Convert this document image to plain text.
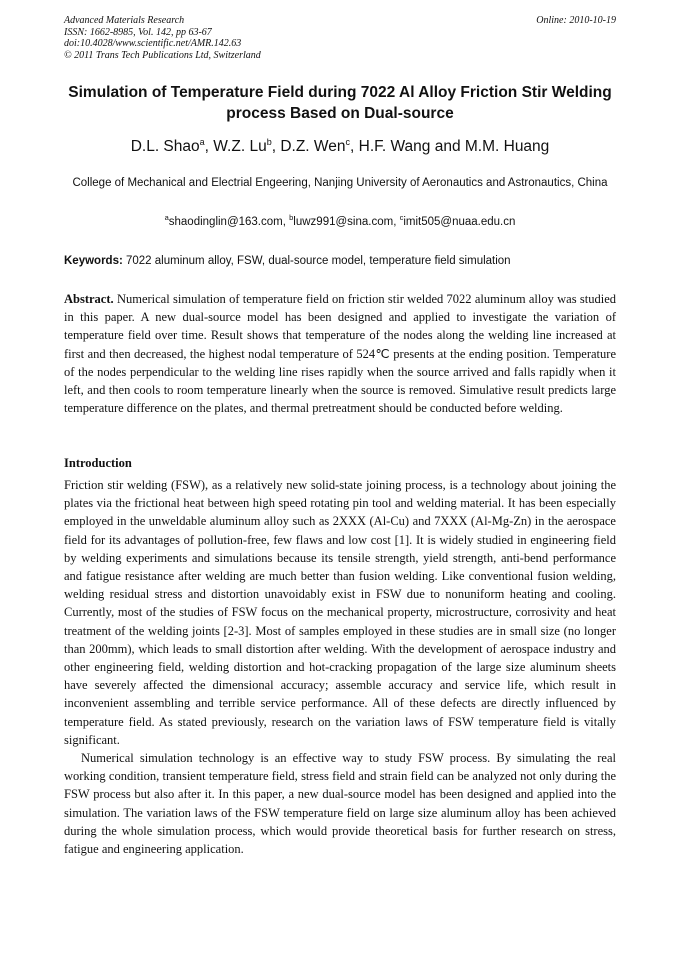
Advanced Materials Research
ISSN: 1662-8985, Vol. 142, pp 63-67
doi:10.4028/www.scientific.net/AMR.142.63
© 2011 Trans Tech Publications Ltd, Switzerland
Online: 2010-10-19
Simulation of Temperature Field during 7022 Al Alloy Friction Stir Welding process Based on Dual-source
D.L. Shao$^a$, W.Z. Lu$^b$, D.Z. Wen$^c$, H.F. Wang and M.M. Huang
College of Mechanical and Electrial Engeering, Nanjing University of Aeronautics and Astronautics, China
$^a$shaodinglin@163.com, $^b$luwz991@sina.com, $^c$imit505@nuaa.edu.cn
Keywords: 7022 aluminum alloy, FSW, dual-source model, temperature field simulation

Abstract. Numerical simulation of temperature field on friction stir welded 7022 aluminum alloy was studied in this paper. A new dual-source model has been designed and applied to investigate the variation of temperature field over time. Result shows that temperature of the nodes along the welding line increased at first and then decreased, the highest nodal temperature of 524℃ presents at the ending position. Temperature of the nodes perpendicular to the welding line rises rapidly when the source arrived and falls rapidly when it left, and then cools to room temperature linearly when the source is removed. Simulative result predicts large temperature difference on the plates, and thermal pretreatment should be conducted before welding.

Introduction

Friction stir welding (FSW), as a relatively new solid-state joining process, is a technology about joining the plates via the frictional heat between high speed rotating pin tool and welding material. It has been especially employed in the unweldable aluminum alloy such as 2XXX (Al-Cu) and 7XXX (Al-Mg-Zn) in the aerospace field for its advantages of pollution-free, few flaws and low cost [1]. It is widely studied in engineering field by welding experiments and simulations because its tensile strength, yield strength, anti-bend performance and fatigue resistance after welding are much better than fusion welding. Like conventional fusion welding, welding residual stress and distortion unavoidably exist in FSW due to nonuniform heating and cooling. Currently, most of the studies of FSW focus on the mechanical property, microstructure, corrosivity and heat treatment of the welding joints [2-3]. Most of samples employed in these studies are in small size (no longer than 200mm), which leads to small distortion after welding. With the development of aerospace industry and other engineering field, welding distortion and hot-cracking propagation of the large size aluminum sheets have severely affected the dimensional accuracy; assemble accuracy and service life, which result in inconvenient assembling and terrible service performance. All of these defects are directly influenced by temperature field. As stated previously, research on the variation laws of FSW temperature field is vitally significant.

Numerical simulation technology is an effective way to study FSW process. By simulating the real working condition, transient temperature field, stress field and strain field can be analyzed not only during the FSW process but also after it. In this paper, a new dual-source model has been designed and applied into the simulation. The variation laws of the FSW temperature field on large size aluminum alloy has been achieved during the whole simulation process, which would provide theoretical basis for further research on stress, fatigue and engineering application.
